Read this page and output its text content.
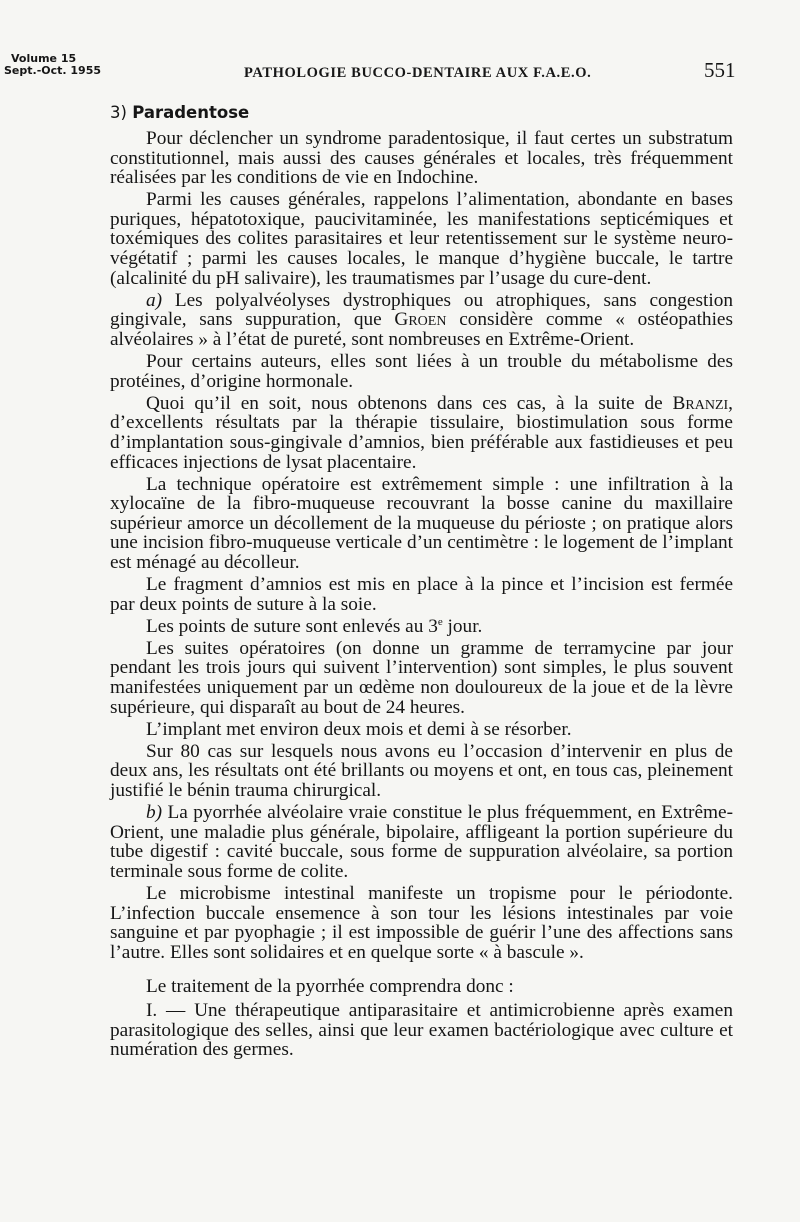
Volume 15
Sept.-Oct. 1955	PATHOLOGIE BUCCO-DENTAIRE AUX F.A.E.O.	551
3) Paradentose

Pour déclencher un syndrome paradentosique, il faut certes un substratum constitutionnel, mais aussi des causes générales et locales, très fréquemment réalisées par les conditions de vie en Indochine.

Parmi les causes générales, rappelons l’alimentation, abondante en bases puriques, hépatotoxique, paucivitaminée, les manifestations septicémiques et toxémiques des colites parasitaires et leur retentissement sur le système neuro-végétatif ; parmi les causes locales, le manque d’hygiène buccale, le tartre (alcalinité du pH salivaire), les traumatismes par l’usage du cure-dent.

a) Les polyalvéolyses dystrophiques ou atrophiques, sans congestion gingivale, sans suppuration, que Groen considère comme « ostéopathies alvéolaires » à l’état de pureté, sont nombreuses en Extrême-Orient.

Pour certains auteurs, elles sont liées à un trouble du métabolisme des protéines, d’origine hormonale.

Quoi qu’il en soit, nous obtenons dans ces cas, à la suite de Branzi, d’excellents résultats par la thérapie tissulaire, biostimulation sous forme d’implantation sous-gingivale d’amnios, bien préférable aux fastidieuses et peu efficaces injections de lysat placentaire.

La technique opératoire est extrêmement simple : une infiltration à la xylocaïne de la fibro-muqueuse recouvrant la bosse canine du maxillaire supérieur amorce un décollement de la muqueuse du périoste ; on pratique alors une incision fibro-muqueuse verticale d’un centimètre : le logement de l’implant est ménagé au décolleur.

Le fragment d’amnios est mis en place à la pince et l’incision est fermée par deux points de suture à la soie.

Les points de suture sont enlevés au 3e jour.

Les suites opératoires (on donne un gramme de terramycine par jour pendant les trois jours qui suivent l’intervention) sont simples, le plus souvent manifestées uniquement par un œdème non douloureux de la joue et de la lèvre supérieure, qui disparaît au bout de 24 heures.

L’implant met environ deux mois et demi à se résorber.

Sur 80 cas sur lesquels nous avons eu l’occasion d’intervenir en plus de deux ans, les résultats ont été brillants ou moyens et ont, en tous cas, pleinement justifié le bénin trauma chirurgical.

b) La pyorrhée alvéolaire vraie constitue le plus fréquemment, en Extrême-Orient, une maladie plus générale, bipolaire, affligeant la portion supérieure du tube digestif : cavité buccale, sous forme de suppuration alvéolaire, sa portion terminale sous forme de colite.

Le microbisme intestinal manifeste un tropisme pour le périodonte. L’infection buccale ensemence à son tour les lésions intestinales par voie sanguine et par pyophagie ; il est impossible de guérir l’une des affections sans l’autre. Elles sont solidaires et en quelque sorte « à bascule ».

Le traitement de la pyorrhée comprendra donc :

I. — Une thérapeutique antiparasitaire et antimicrobienne après examen parasitologique des selles, ainsi que leur examen bactériologique avec culture et numération des germes.
